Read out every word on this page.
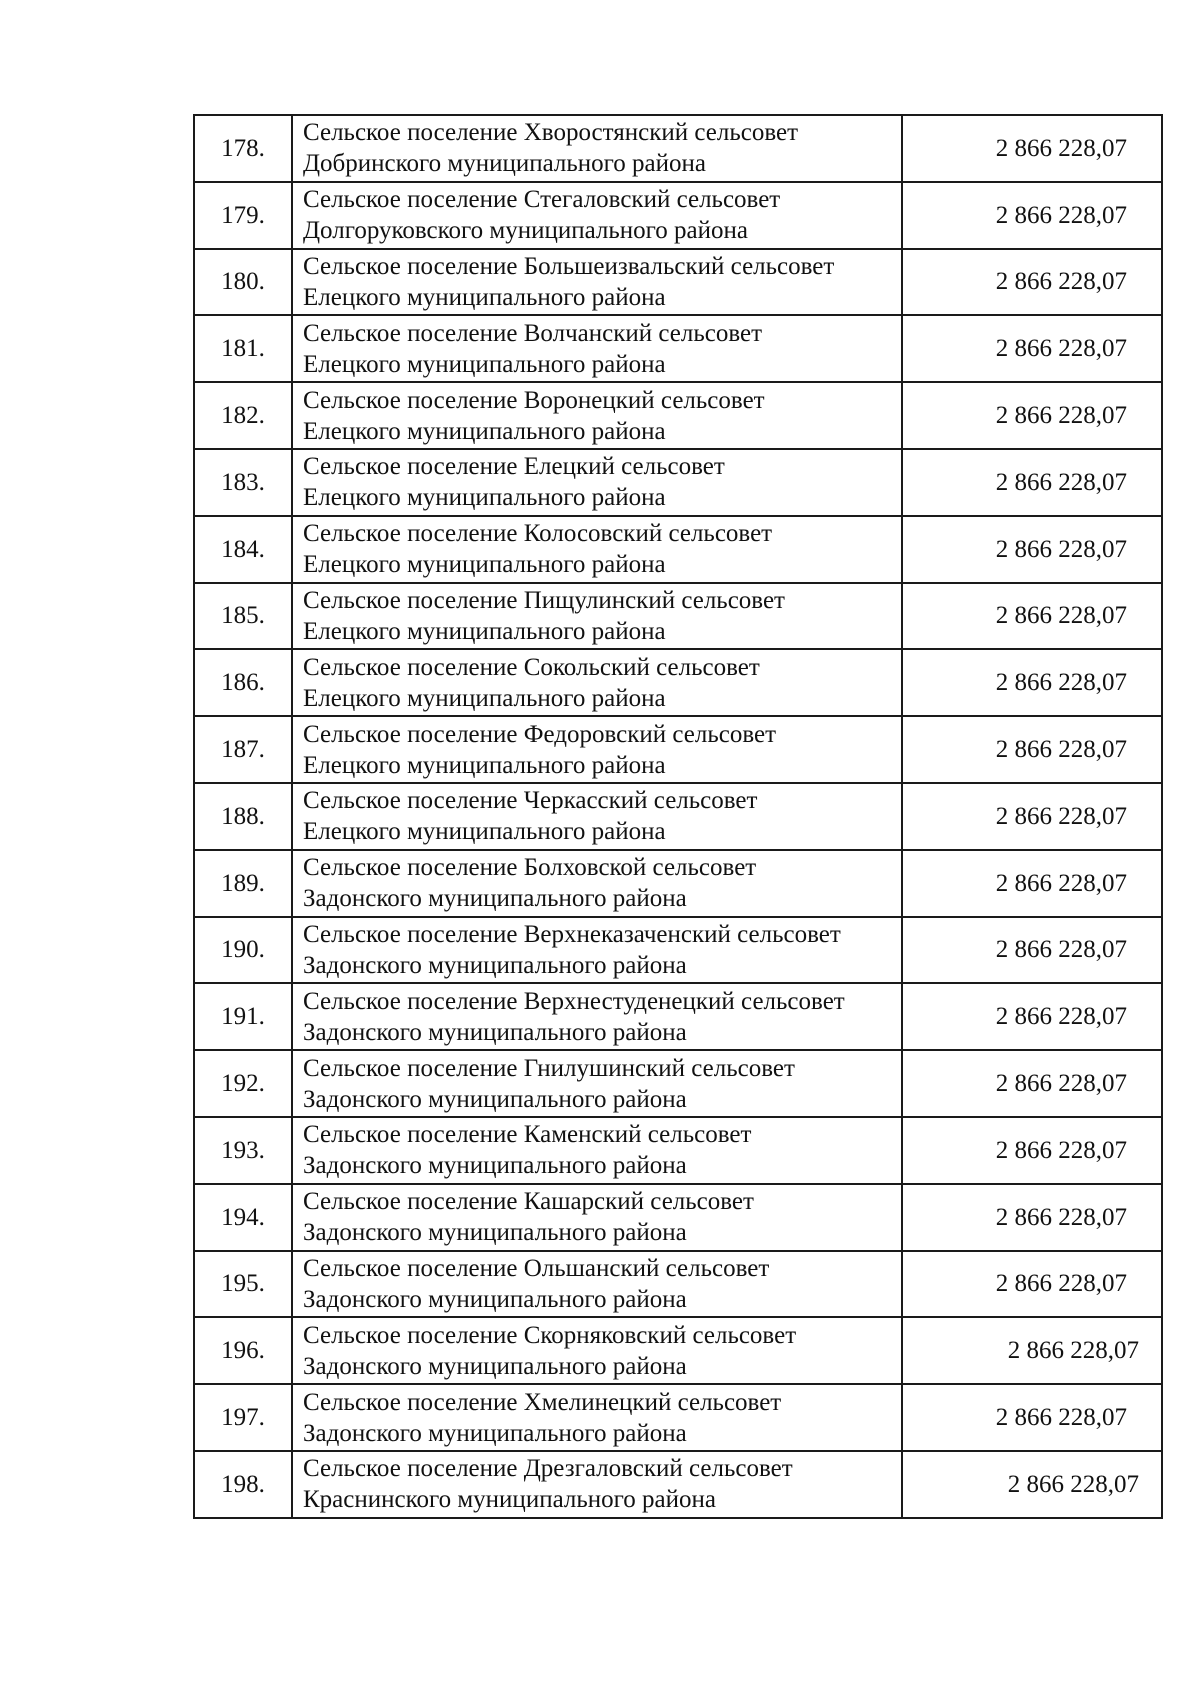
178.	Сельское поселение Хворостянский сельсовет
Добринского муниципального района	2 866 228,07
179.	Сельское поселение Стегаловский сельсовет
Долгоруковского муниципального района	2 866 228,07
180.	Сельское поселение Большеизвальский сельсовет
Елецкого муниципального района	2 866 228,07
181.	Сельское поселение Волчанский сельсовет
Елецкого муниципального района	2 866 228,07
182.	Сельское поселение Воронецкий сельсовет
Елецкого муниципального района	2 866 228,07
183.	Сельское поселение Елецкий сельсовет
Елецкого муниципального района	2 866 228,07
184.	Сельское поселение Колосовский сельсовет
Елецкого муниципального района	2 866 228,07
185.	Сельское поселение Пищулинский сельсовет
Елецкого муниципального района	2 866 228,07
186.	Сельское поселение Сокольский сельсовет
Елецкого муниципального района	2 866 228,07
187.	Сельское поселение Федоровский сельсовет
Елецкого муниципального района	2 866 228,07
188.	Сельское поселение Черкасский сельсовет
Елецкого муниципального района	2 866 228,07
189.	Сельское поселение Болховской сельсовет
Задонского муниципального района	2 866 228,07
190.	Сельское поселение Верхнеказаченский сельсовет
Задонского муниципального района	2 866 228,07
191.	Сельское поселение Верхнестуденецкий сельсовет
Задонского муниципального района	2 866 228,07
192.	Сельское поселение Гнилушинский сельсовет
Задонского муниципального района	2 866 228,07
193.	Сельское поселение Каменский сельсовет
Задонского муниципального района	2 866 228,07
194.	Сельское поселение Кашарский сельсовет
Задонского муниципального района	2 866 228,07
195.	Сельское поселение Ольшанский сельсовет
Задонского муниципального района	2 866 228,07
196.	Сельское поселение Скорняковский сельсовет
Задонского муниципального района	2 866 228,07
197.	Сельское поселение Хмелинецкий сельсовет
Задонского муниципального района	2 866 228,07
198.	Сельское поселение Дрезгаловский сельсовет
Краснинского муниципального района	2 866 228,07
